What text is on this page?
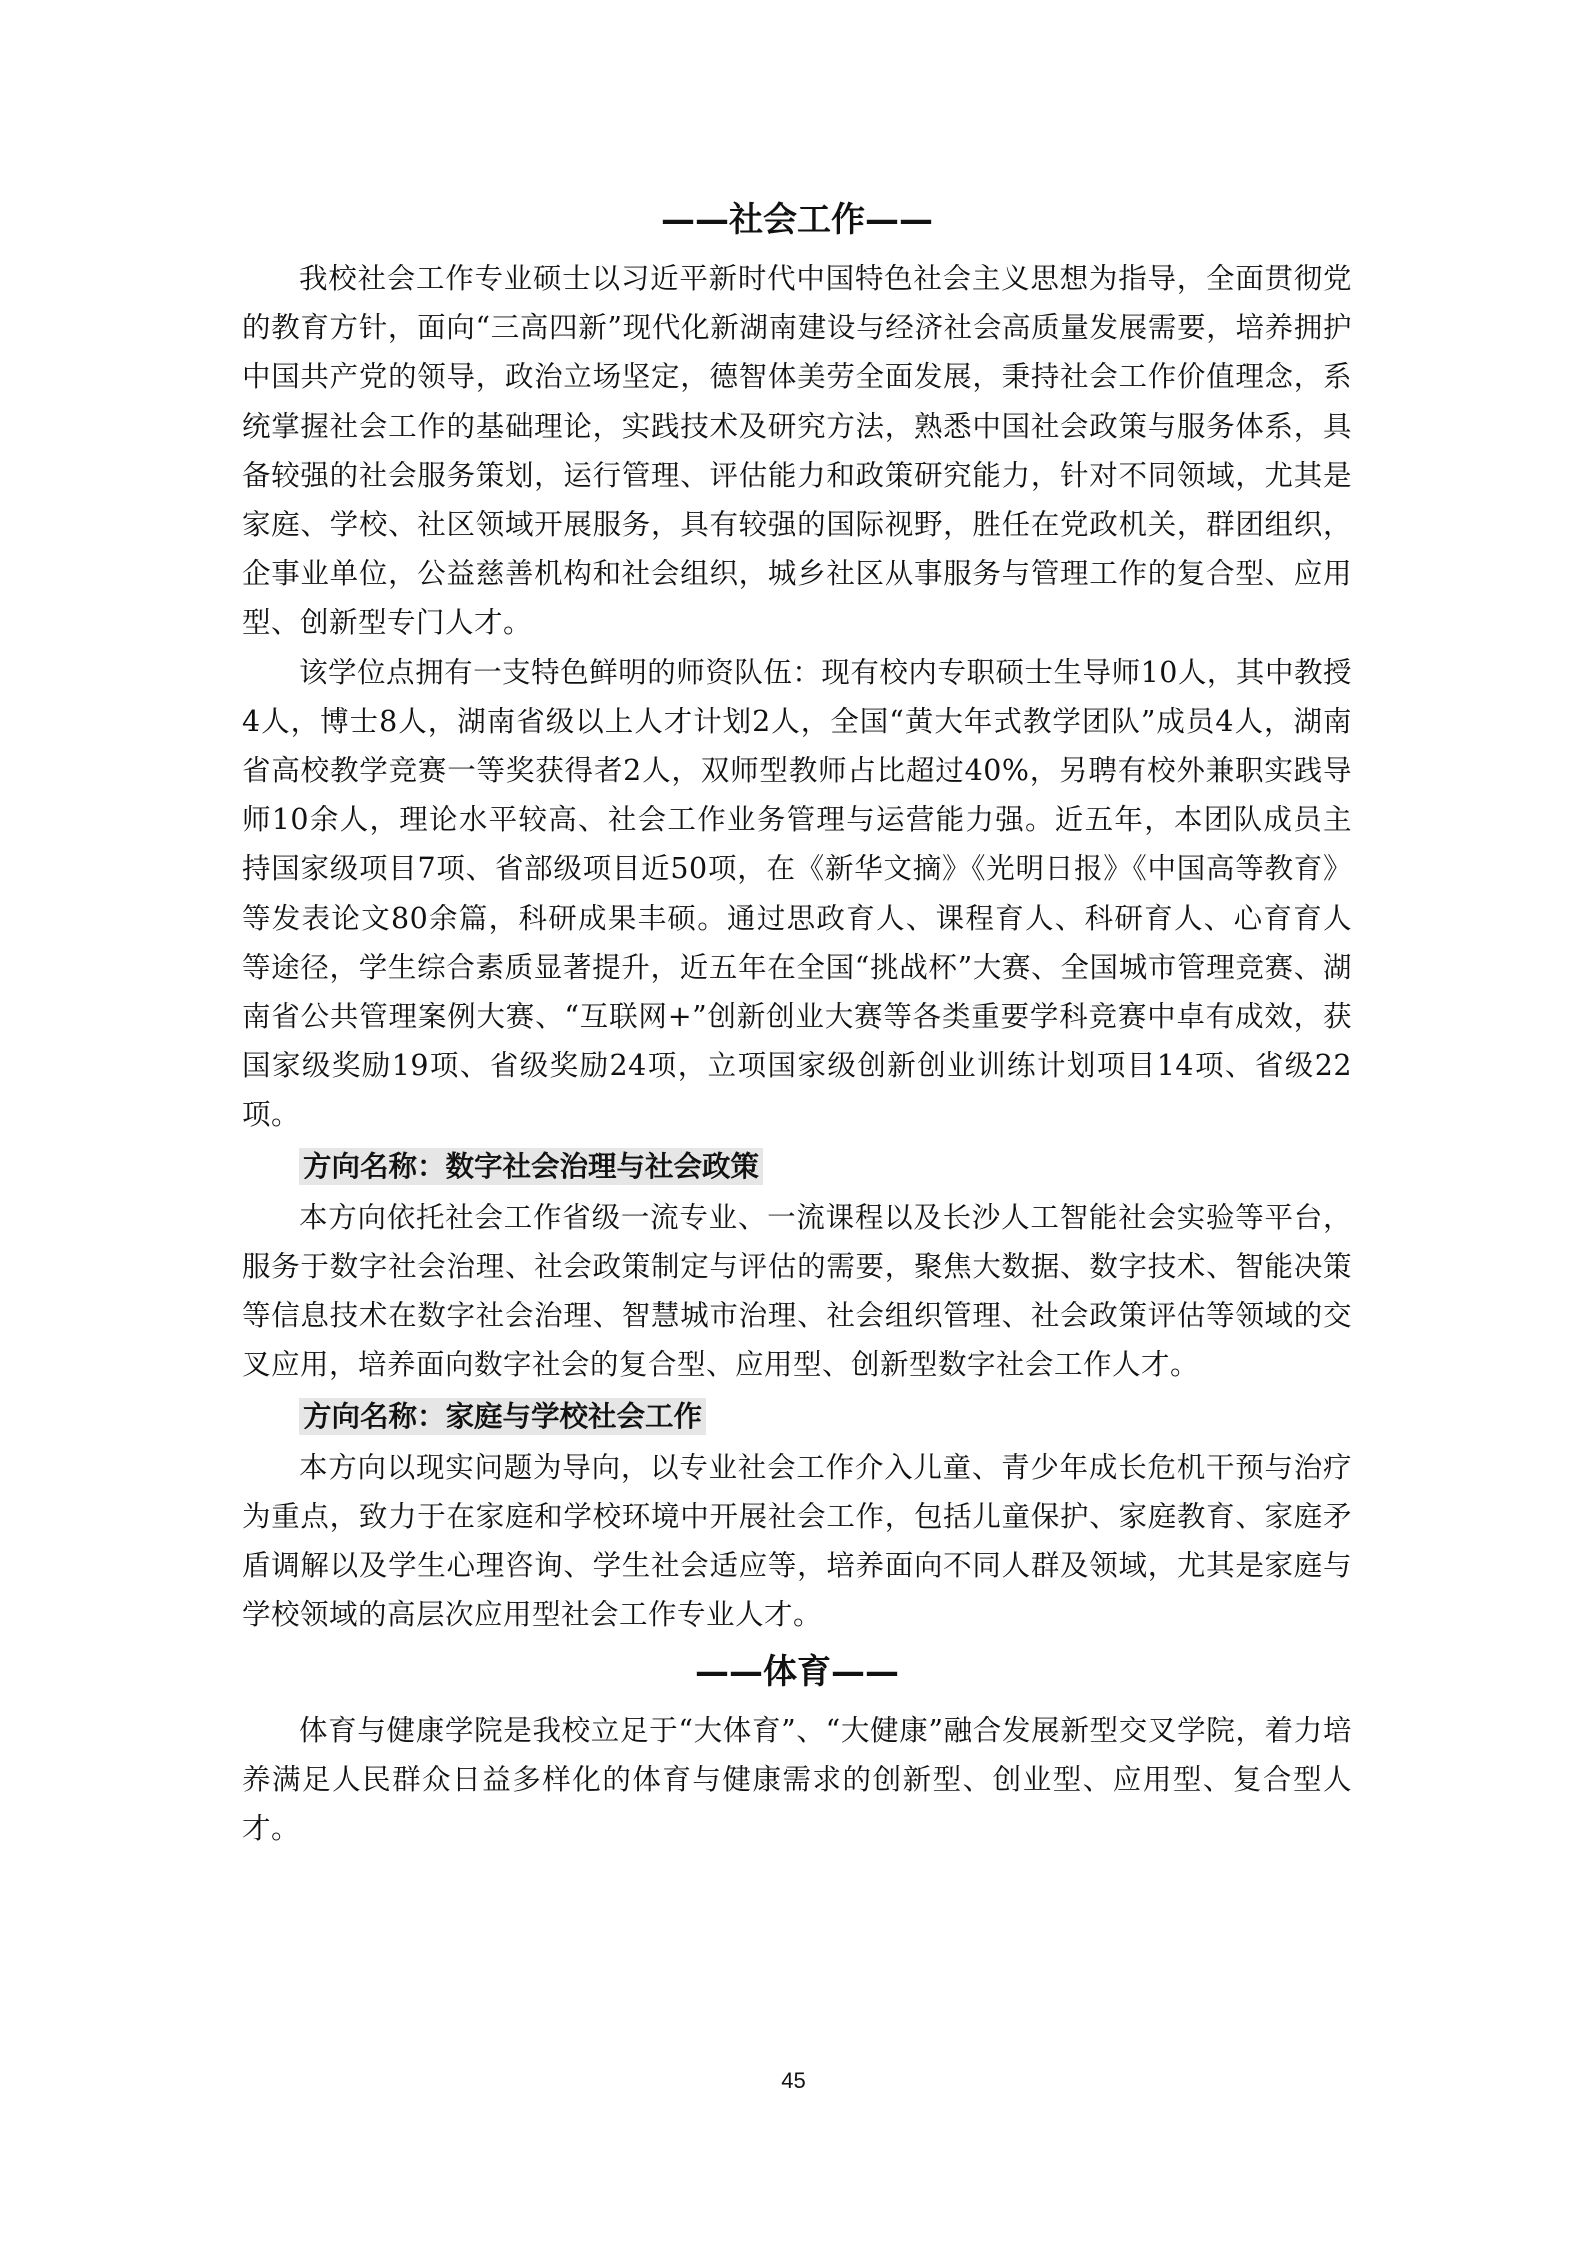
——社会工作——

我校社会工作专业硕士以习近平新时代中国特色社会主义思想为指导，全面贯彻党的教育方针，面向“三高四新”现代化新湖南建设与经济社会高质量发展需要，培养拥护中国共产党的领导，政治立场坚定，德智体美劳全面发展，秉持社会工作价值理念，系统掌握社会工作的基础理论，实践技术及研究方法，熟悉中国社会政策与服务体系，具备较强的社会服务策划，运行管理、评估能力和政策研究能力，针对不同领域，尤其是家庭、学校、社区领域开展服务，具有较强的国际视野，胜任在党政机关，群团组织，企事业单位，公益慈善机构和社会组织，城乡社区从事服务与管理工作的复合型、应用型、创新型专门人才。

该学位点拥有一支特色鲜明的师资队伍：现有校内专职硕士生导师10人，其中教授4人，博士8人，湖南省级以上人才计划2人，全国“黄大年式教学团队”成员4人，湖南省高校教学竞赛一等奖获得者2人，双师型教师占比超过40%，另聘有校外兼职实践导师10余人，理论水平较高、社会工作业务管理与运营能力强。近五年，本团队成员主持国家级项目7项、省部级项目近50项，在《新华文摘》《光明日报》《中国高等教育》等发表论文80余篇，科研成果丰硕。通过思政育人、课程育人、科研育人、心育育人等途径，学生综合素质显著提升，近五年在全国“挑战杯”大赛、全国城市管理竞赛、湖南省公共管理案例大赛、“互联网+”创新创业大赛等各类重要学科竞赛中卓有成效，获国家级奖励19项、省级奖励24项，立项国家级创新创业训练计划项目14项、省级22项。

方向名称：数字社会治理与社会政策

本方向依托社会工作省级一流专业、一流课程以及长沙人工智能社会实验等平台，服务于数字社会治理、社会政策制定与评估的需要，聚焦大数据、数字技术、智能决策等信息技术在数字社会治理、智慧城市治理、社会组织管理、社会政策评估等领域的交叉应用，培养面向数字社会的复合型、应用型、创新型数字社会工作人才。

方向名称：家庭与学校社会工作

本方向以现实问题为导向，以专业社会工作介入儿童、青少年成长危机干预与治疗为重点，致力于在家庭和学校环境中开展社会工作，包括儿童保护、家庭教育、家庭矛盾调解以及学生心理咨询、学生社会适应等，培养面向不同人群及领域，尤其是家庭与学校领域的高层次应用型社会工作专业人才。

——体育——

体育与健康学院是我校立足于“大体育”、“大健康”融合发展新型交叉学院，着力培养满足人民群众日益多样化的体育与健康需求的创新型、创业型、应用型、复合型人才。

45
